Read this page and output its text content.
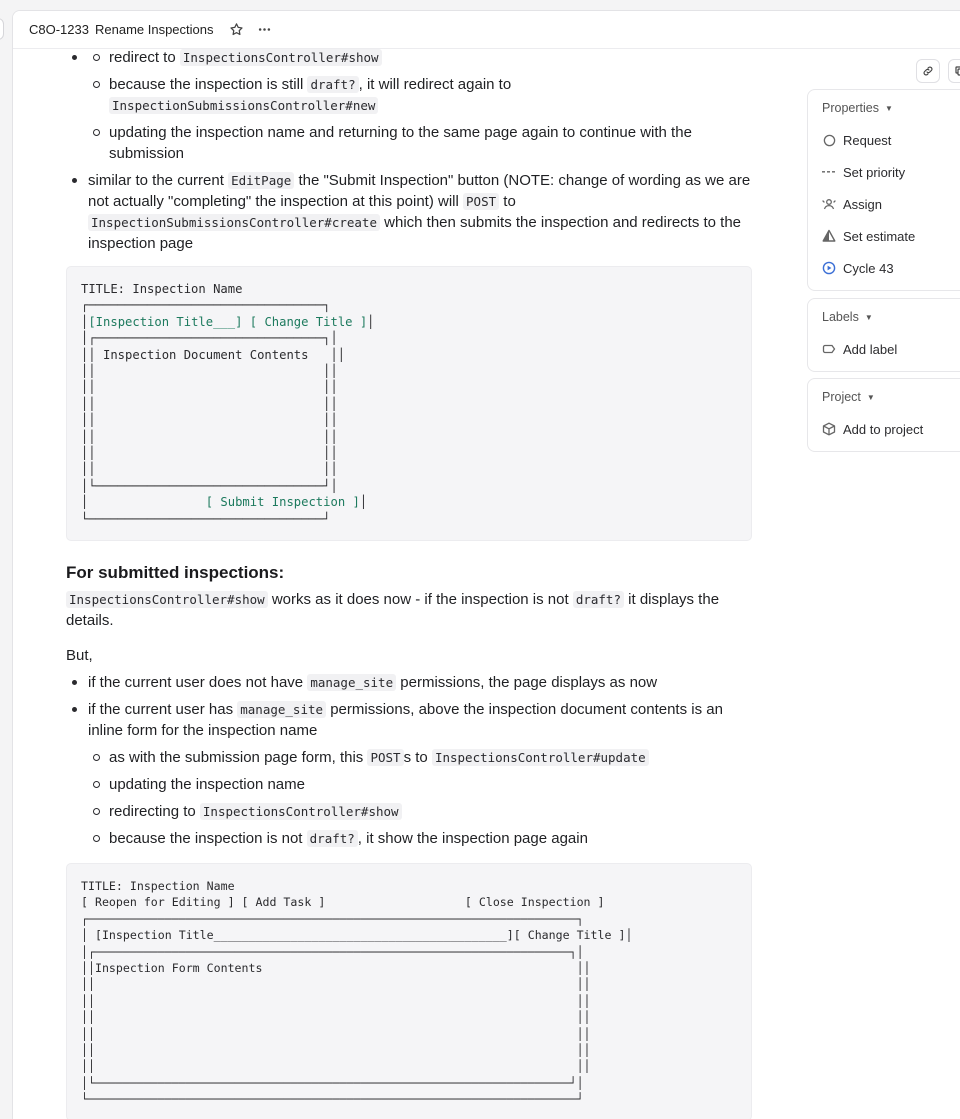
C8O-1233 Rename Inspections
redirect to InspectionsController#show
because the inspection is still draft? , it will redirect again to
InspectionSubmissionsController#new
updating the inspection name and returning to the same page again to continue with the submission
similar to the current EditPage the "Submit Inspection" button (NOTE: change of wording as we are not actually "completing" the inspection at this point) will POST to InspectionSubmissionsController#create which then submits the inspection and redirects to the inspection page
TITLE: Inspection Name
┌────────────────────────────────┐
│[Inspection Title___] [ Change Title ]│
│┌───────────────────────────────┐│
││ Inspection Document Contents   ││
││                               ││
││                               ││
││                               ││
││                               ││
││                               ││
││                               ││
││                               ││
│└───────────────────────────────┘│
│                [ Submit Inspection ]│
└────────────────────────────────┘
For submitted inspections:

InspectionsController#show works as it does now - if the inspection is not draft? it displays the details.

But,

if the current user does not have manage_site permissions, the page displays as now
if the current user has manage_site permissions, above the inspection document contents is an inline form for the inspection name
as with the submission page form, this POST s to InspectionsController#update
updating the inspection name
redirecting to InspectionsController#show
because the inspection is not draft? , it show the inspection page again
TITLE: Inspection Name
[ Reopen for Editing ] [ Add Task ]                    [ Close Inspection ]
┌──────────────────────────────────────────────────────────────────────┐
│ [Inspection Title__________________________________________][ Change Title ]│
│┌────────────────────────────────────────────────────────────────────┐│
││Inspection Form Contents                                             ││
││                                                                     ││
││                                                                     ││
││                                                                     ││
││                                                                     ││
││                                                                     ││
││                                                                     ││
│└────────────────────────────────────────────────────────────────────┘│
└──────────────────────────────────────────────────────────────────────┘
Properties ▼
Request
Set priority
Assign
Set estimate
Cycle 43
Labels ▼
Add label
Project ▼
Add to project
